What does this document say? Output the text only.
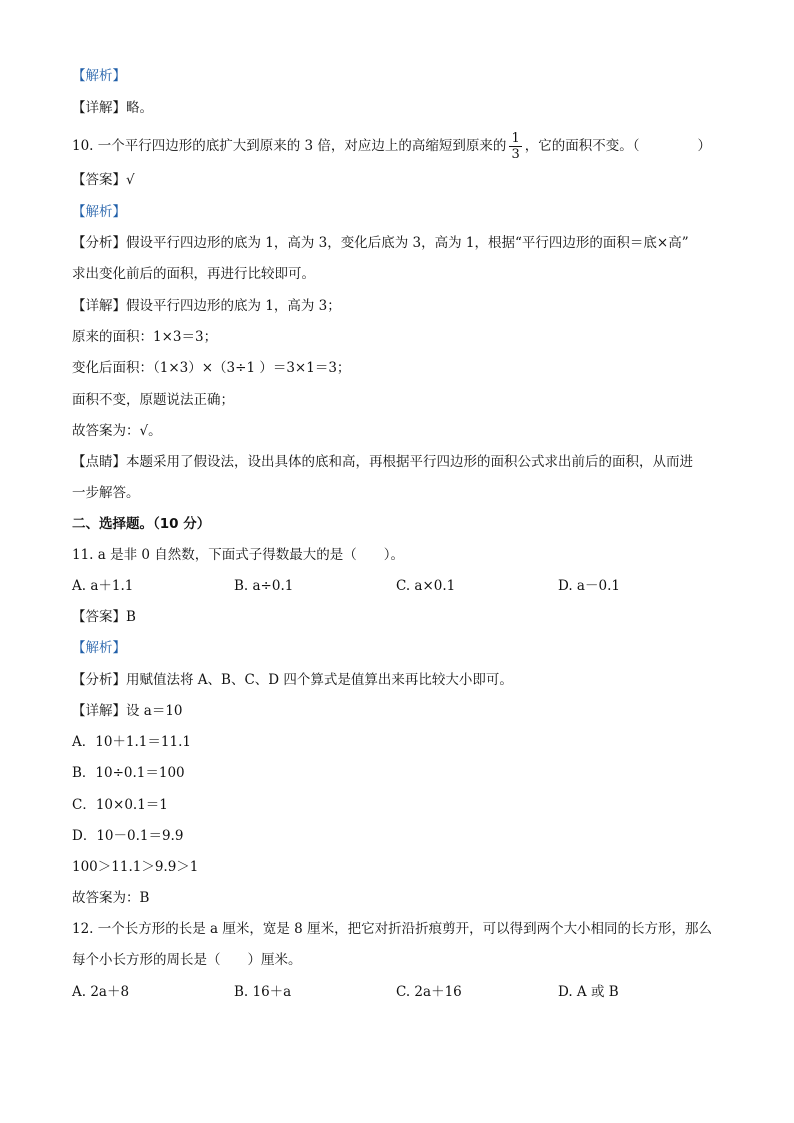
【解析】
【详解】略。
10. 一个平行四边形的底扩大到原来的 3 倍，对应边上的高缩短到原来的 $\frac{1}{3}$ ，它的面积不变。（	）
【答案】√
【解析】
【分析】假设平行四边形的底为 1，高为 3，变化后底为 3，高为 1，根据“平行四边形的面积＝底×高”
求出变化前后的面积，再进行比较即可。
【详解】假设平行四边形的底为 1，高为 3；
原来的面积：1×3＝3；
变化后面积：（1×3）×（3÷1 ）＝3×1＝3；
面积不变，原题说法正确；
故答案为：√。
【点睛】本题采用了假设法，设出具体的底和高，再根据平行四边形的面积公式求出前后的面积，从而进
一步解答。
二、选择题。（10 分）
11. a 是非 0 自然数，下面式子得数最大的是（　　）。
A. a＋1.1	B. a÷0.1	C. a×0.1	D. a－0.1
【答案】B
【解析】
【分析】用赋值法将 A、B、C、D 四个算式是值算出来再比较大小即可。
【详解】设 a＝10
A．10＋1.1＝11.1
B．10÷0.1＝100
C．10×0.1＝1
D．10－0.1＝9.9
100＞11.1＞9.9＞1
故答案为：B
12. 一个长方形的长是 a 厘米，宽是 8 厘米，把它对折沿折痕剪开，可以得到两个大小相同的长方形，那么
每个小长方形的周长是（　　）厘米。
A. 2a＋8	B. 16＋a	C. 2a＋16	D. A 或 B
